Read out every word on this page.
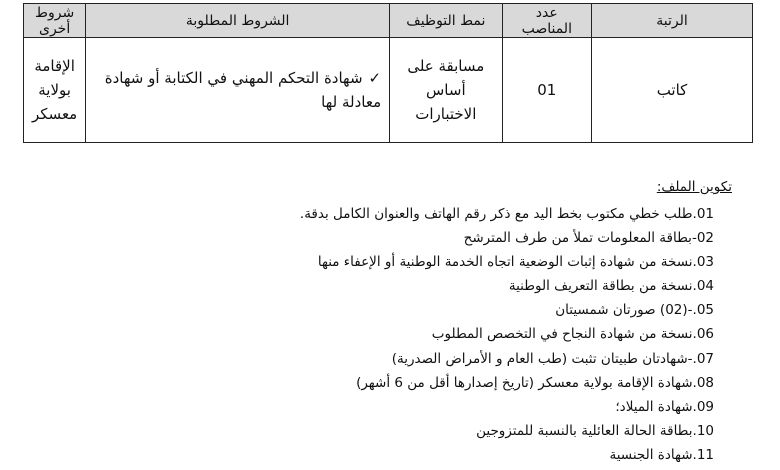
الرتبة	عدد المناصب	نمط التوظيف	الشروط المطلوبة	شروط أخرى
كاتب	01	مسابقة على أساس الاختبارات	✓شهادة التحكم المهني في الكتابة أو شهادة معادلة لها	الإقامة بولاية معسكر
تكوين الملف:
01.طلب خطي مكتوب بخط اليد مع ذكر رقم الهاتف والعنوان الكامل بدقة.
02-بطاقة المعلومات تملأ من طرف المترشح
03.نسخة من شهادة إثبات الوضعية اتجاه الخدمة الوطنية أو الإعفاء منها
04.نسخة من بطاقة التعريف الوطنية
05.-(02) صورتان شمسيتان
06.نسخة من شهادة النجاح في التخصص المطلوب
07.-شهادتان طبيتان تثبت (طب العام و الأمراض الصدرية)
08.شهادة الإقامة بولاية معسكر (تاريخ إصدارها أقل من 6 أشهر)
09.شهادة الميلاد؛
10.بطاقة الحالة العائلية بالنسبة للمتزوجين
11.شهادة الجنسية
